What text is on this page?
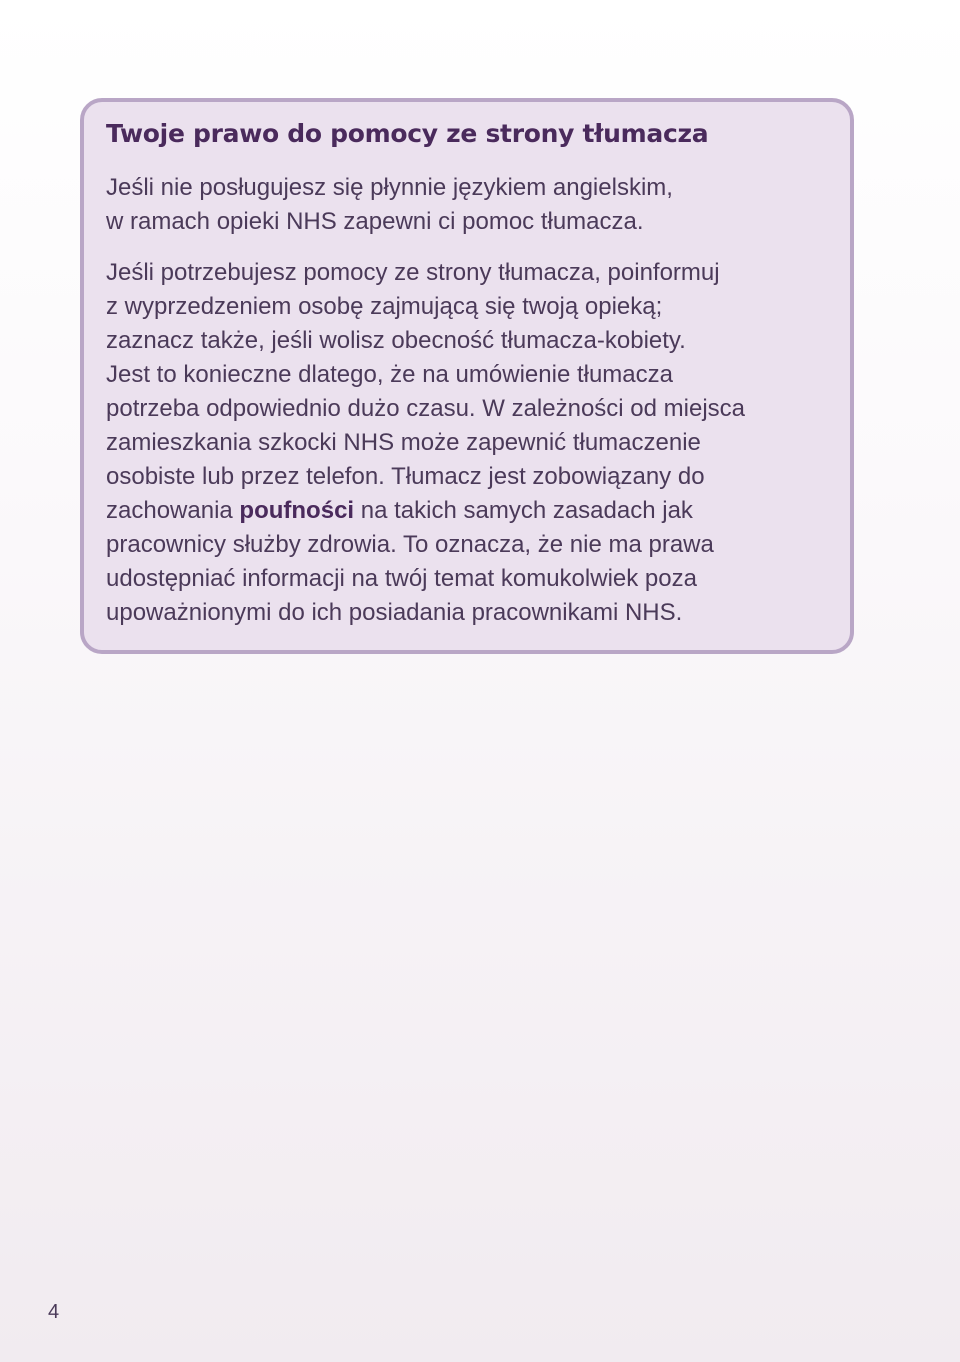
Twoje prawo do pomocy ze strony tłumacza

Jeśli nie posługujesz się płynnie językiem angielskim,
w ramach opieki NHS zapewni ci pomoc tłumacza.

Jeśli potrzebujesz pomocy ze strony tłumacza, poinformuj
z wyprzedzeniem osobę zajmującą się twoją opieką;
zaznacz także, jeśli wolisz obecność tłumacza-kobiety.
Jest to konieczne dlatego, że na umówienie tłumacza
potrzeba odpowiednio dużo czasu. W zależności od miejsca
zamieszkania szkocki NHS może zapewnić tłumaczenie
osobiste lub przez telefon. Tłumacz jest zobowiązany do
zachowania poufności na takich samych zasadach jak
pracownicy służby zdrowia. To oznacza, że nie ma prawa
udostępniać informacji na twój temat komukolwiek poza
upoważnionymi do ich posiadania pracownikami NHS.

4
